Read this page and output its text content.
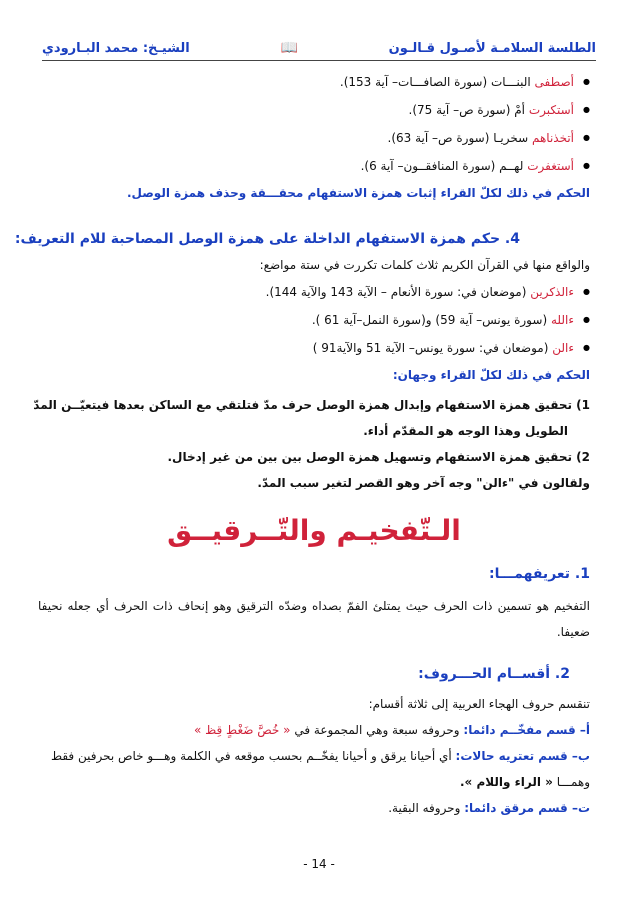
الطلسة السلامـة لأصـول قـالـون
📖
الشيـخ: محمد البـارودي
● أصطفى البنـــات (سورة الصافـــات– آية 153).
● أستكبرت أمْ (سورة ص– آية 75).
● أتخذناهم سخريـا (سورة ص– آية 63).
● أستغفرت لهــم (سورة المنافقــون– آية 6).
الحكم في ذلك لكلّ القراء إثبات همزة الاستفهام محقـــقة وحذف همزة الوصل.
4. حكم همزة الاستفهام الداخلة على همزة الوصل المصاحبة للام التعريف:
والواقع منها في القرآن الكريم ثلاث كلمات تكررت في ستة مواضع:
● ءالذكرين (موضعان في: سورة الأنعام – الآية 143 والآية 144).
● ءالله (سورة يونس– آية 59) و(سورة النمل–آية 61 ).
● ءالن (موضعان في: سورة يونس– الآية 51 والآية91 )
الحكم في ذلك لكلّ القراء وجهان:
1) تحقيق همزة الاستفهام وإبدال همزة الوصل حرف مدّ فتلتقي مع الساكن بعدها فيتعيّــن المدّ
الطويل وهذا الوجه هو المقدّم أداء.
2) تحقيق همزة الاستفهام وتسهيل همزة الوصل بين بين من غير إدخال.
ولقالون في "ءالن" وجه آخر وهو القصر لتغير سبب المدّ.
الـتّفخيـم والتّــرقيــق
1. تعريفهمـــا:
التفخيم هو تسمين ذات الحرف حيث يمتلئ الفمّ بصداه وضدّه الترقيق وهو إنحاف ذات الحرف أي جعله نحيفا ضعيفا.
2. أقســام الحـــروف:
تنقسم حروف الهجاء العربية إلى ثلاثة أقسام:
أ– قسم مفخّــم دائما: وحروفه سبعة وهي المجموعة في « خُصَّ ضَغْطٍ قِظ »
ب– قسم تعتريه حالات: أي أحيانا يرقق و أحيانا يفخّــم بحسب موقعه في الكلمة وهـــو خاص بحرفين فقط
وهمـــا « الراء واللام ».
ت– قسم مرقق دائما: وحروفه البقية.
- 14 -
